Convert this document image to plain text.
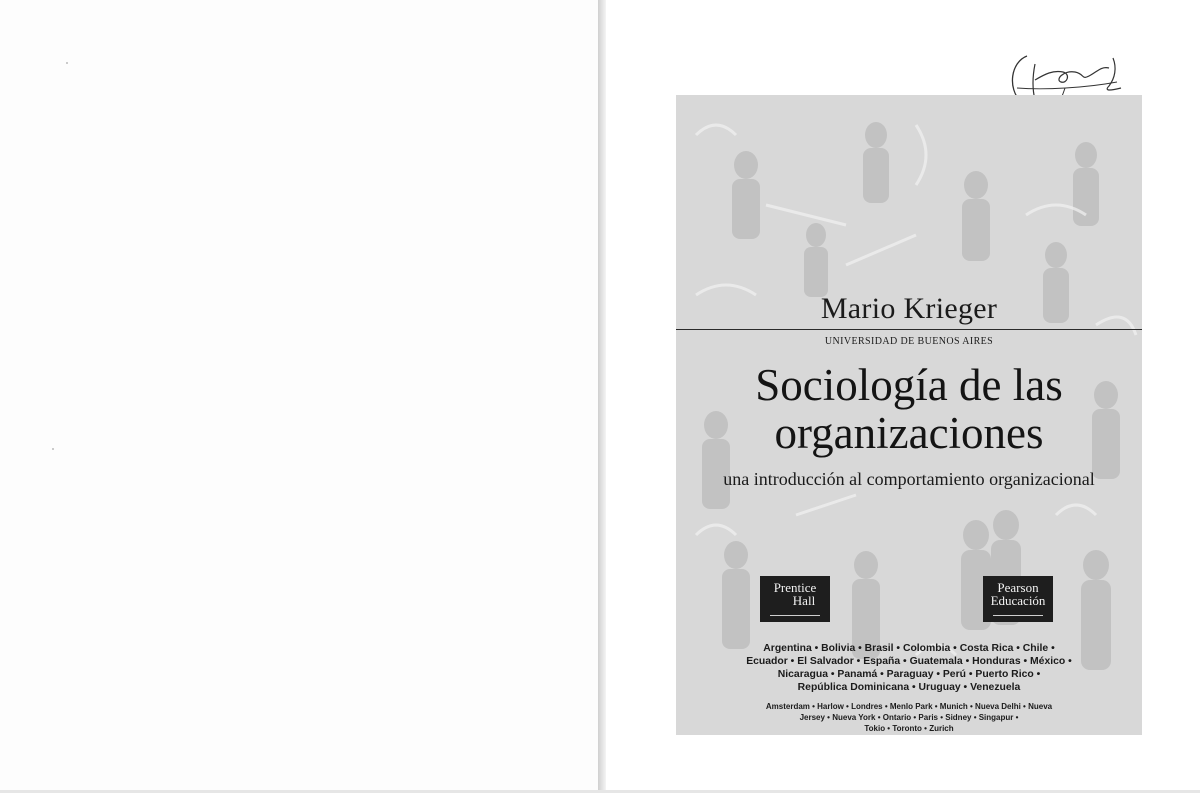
Mario Krieger
UNIVERSIDAD DE BUENOS AIRES
Sociología de las
organizaciones
una introducción al comportamiento organizacional
Prentice
Hall
Pearson
Educación
Argentina • Bolivia • Brasil • Colombia • Costa Rica • Chile •
Ecuador • El Salvador • España • Guatemala • Honduras • México •
Nicaragua • Panamá • Paraguay • Perú • Puerto Rico •
República Dominicana • Uruguay • Venezuela
Amsterdam • Harlow • Londres • Menlo Park • Munich • Nueva Delhi • Nueva
Jersey • Nueva York • Ontario • Paris • Sidney • Singapur •
Tokio • Toronto • Zurich
